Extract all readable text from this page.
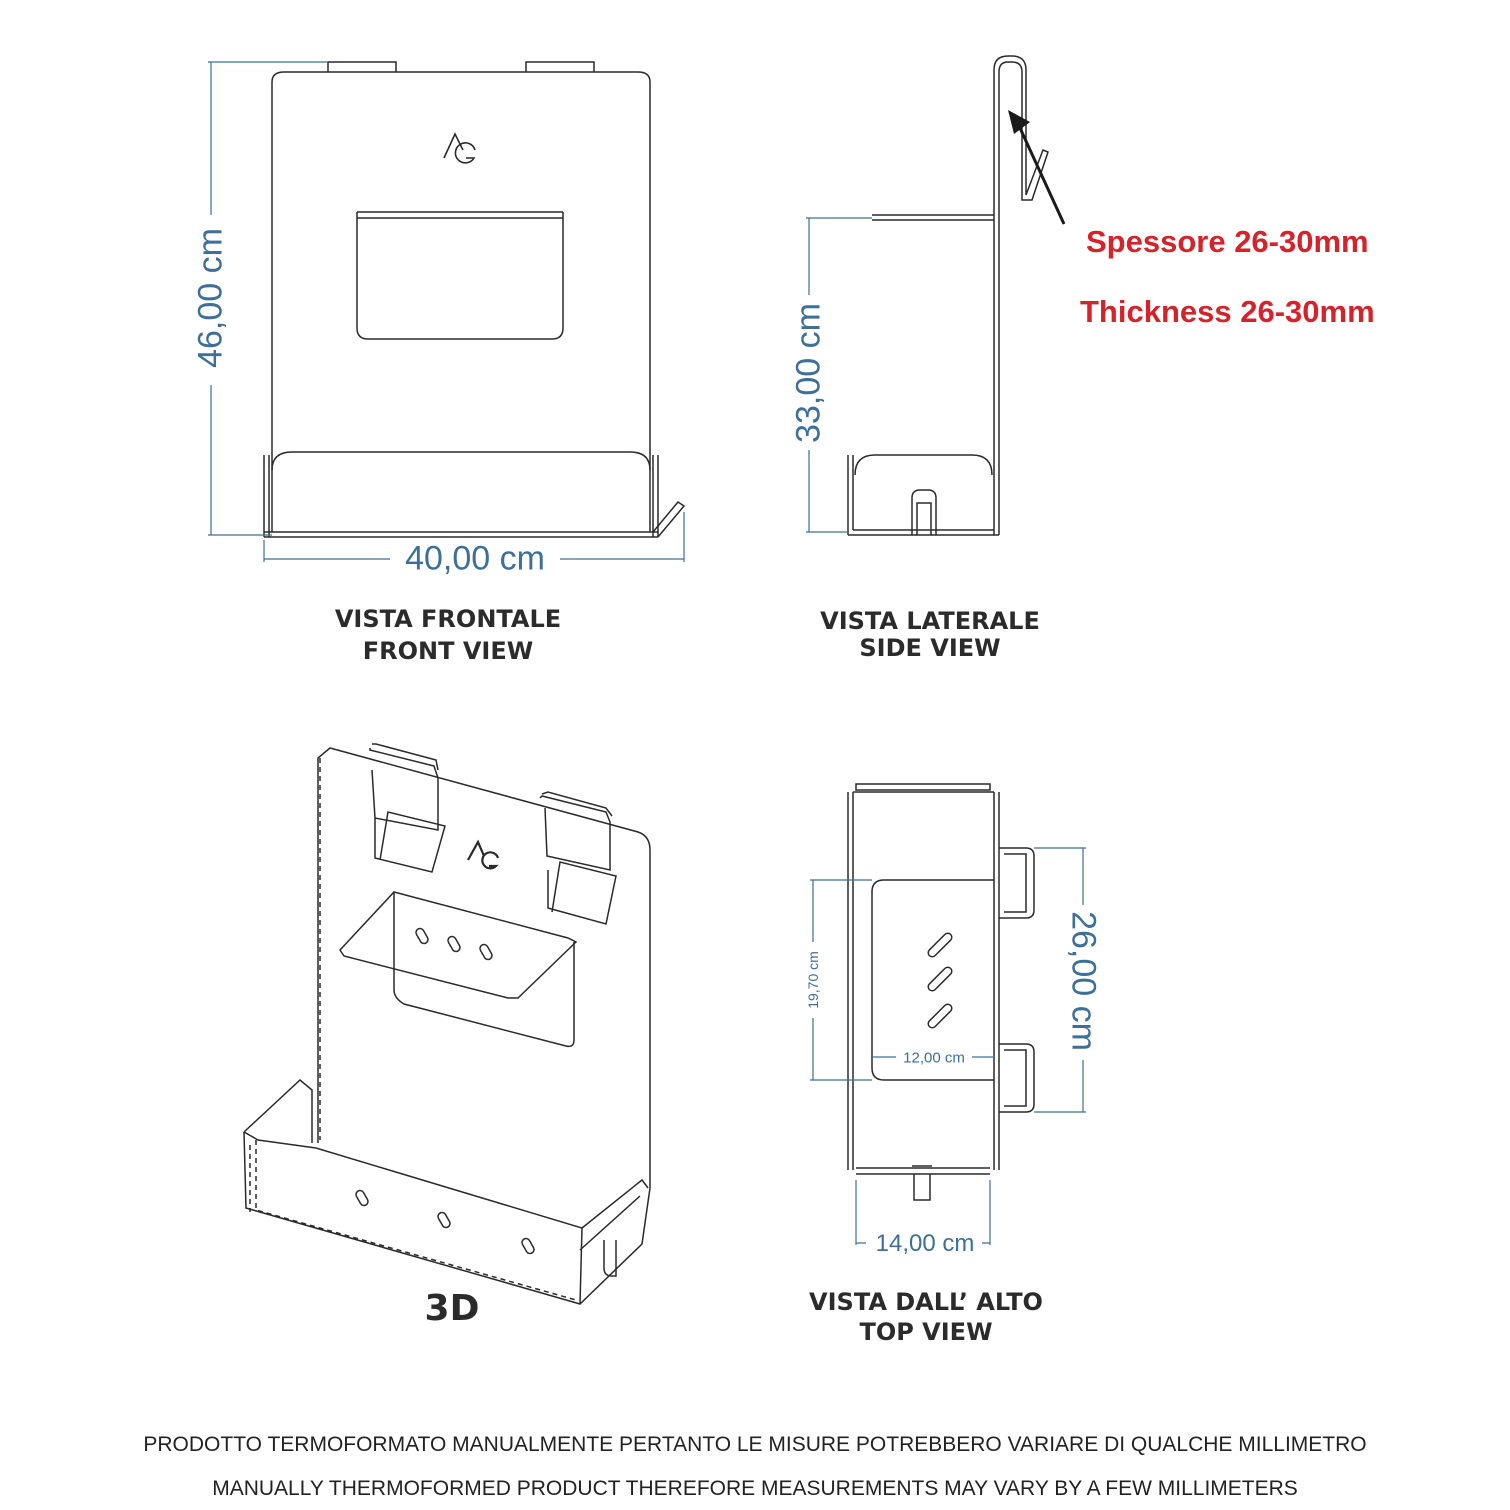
46,00 cm
40,00 cm
VISTA FRONTALE
FRONT VIEW
33,00 cm
Spessore 26-30mm
Thickness 26-30mm
VISTA LATERALE
SIDE VIEW
3D
26,00 cm
14,00 cm
19,70 cm
12,00 cm
VISTA DALL’ ALTO
TOP VIEW
PRODOTTO TERMOFORMATO MANUALMENTE PERTANTO LE MISURE POTREBBERO VARIARE DI QUALCHE MILLIMETRO
MANUALLY THERMOFORMED PRODUCT THEREFORE MEASUREMENTS MAY VARY BY A FEW MILLIMETERS
